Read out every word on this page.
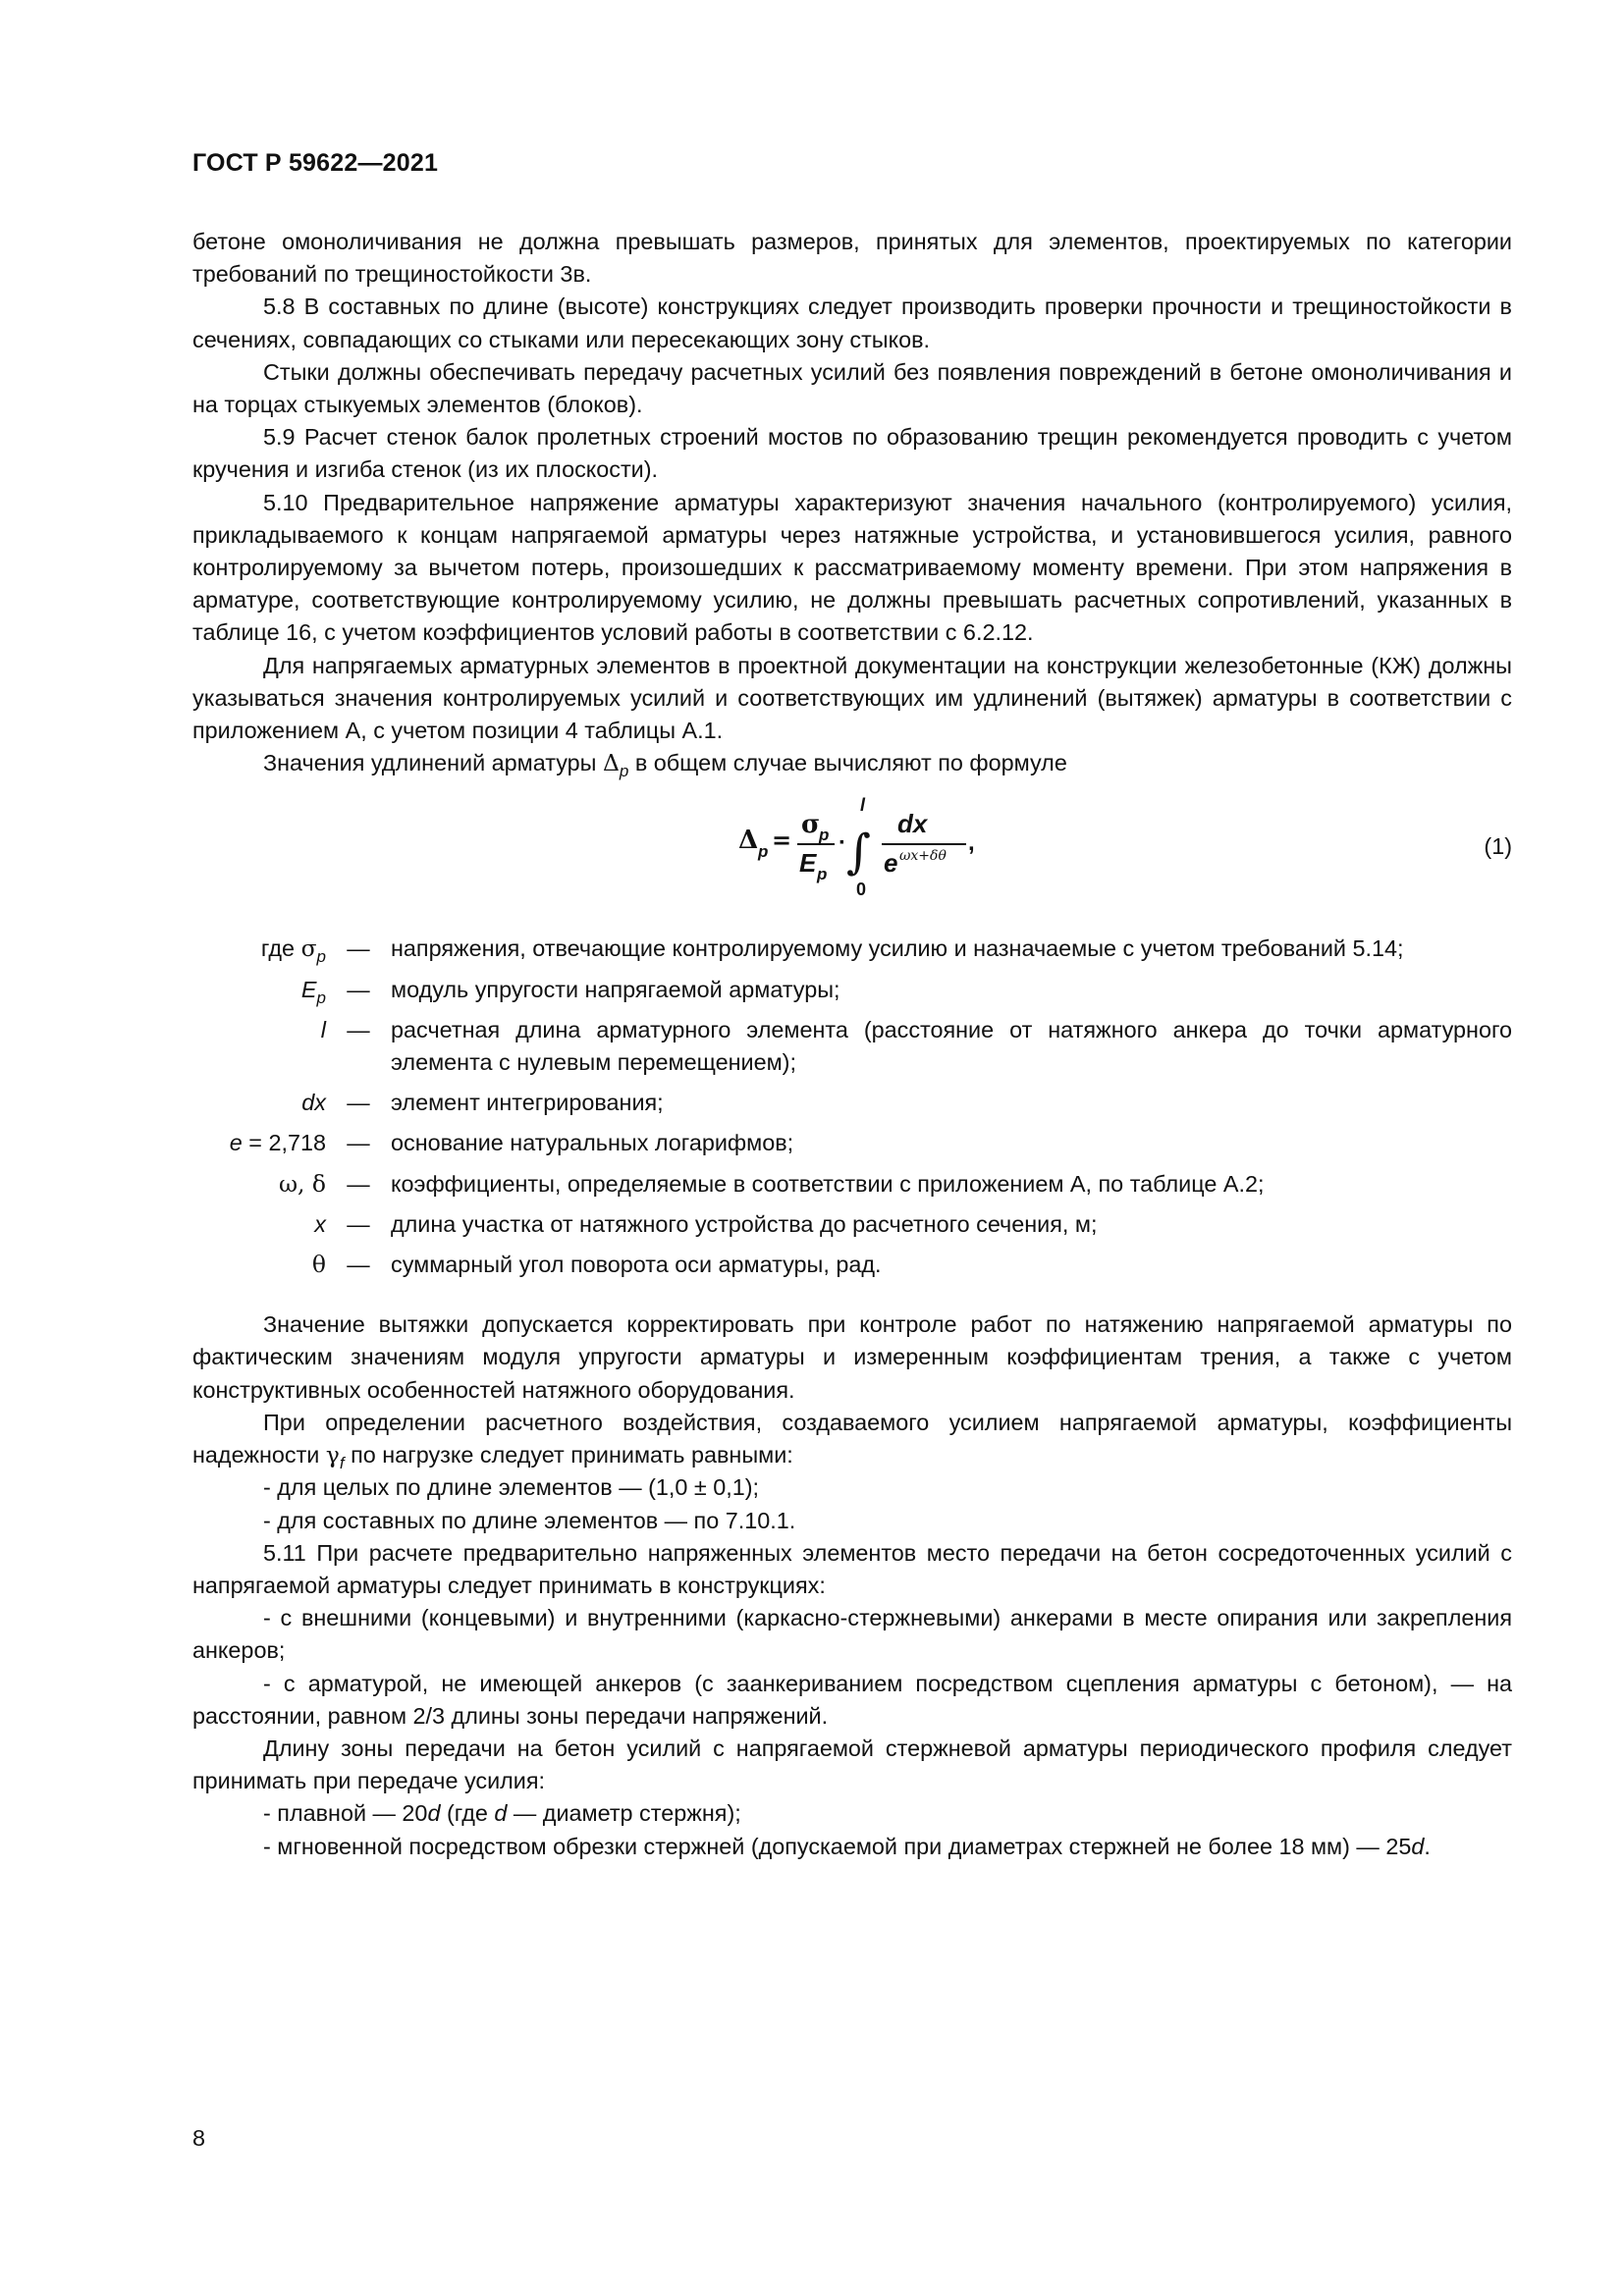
ГОСТ Р 59622—2021

бетоне омоноличивания не должна превышать размеров, принятых для элементов, проектируемых по категории требований по трещиностойкости 3в.

5.8 В составных по длине (высоте) конструкциях следует производить проверки прочности и трещиностойкости в сечениях, совпадающих со стыками или пересекающих зону стыков.

Стыки должны обеспечивать передачу расчетных усилий без появления повреждений в бетоне омоноличивания и на торцах стыкуемых элементов (блоков).

5.9 Расчет стенок балок пролетных строений мостов по образованию трещин рекомендуется проводить с учетом кручения и изгиба стенок (из их плоскости).

5.10 Предварительное напряжение арматуры характеризуют значения начального (контролируемого) усилия, прикладываемого к концам напрягаемой арматуры через натяжные устройства, и установившегося усилия, равного контролируемому за вычетом потерь, произошедших к рассматриваемому моменту времени. При этом напряжения в арматуре, соответствующие контролируемому усилию, не должны превышать расчетных сопротивлений, указанных в таблице 16, с учетом коэффициентов условий работы в соответствии с 6.2.12.

Для напрягаемых арматурных элементов в проектной документации на конструкции железобетонные (КЖ) должны указываться значения контролируемых усилий и соответствующих им удлинений (вытяжек) арматуры в соответствии с приложением А, с учетом позиции 4 таблицы А.1.

Значения удлинений арматуры $\Delta_p$ в общем случае вычисляют по формуле

Δ p =
σ
p
E p
· ∫
l
0
dx
e ωx+δθ ,	(1)
где $\sigma_p$ — напряжения, отвечающие контролируемому усилию и назначаемые с учетом требований 5.14;
$E_p$ — модуль упругости напрягаемой арматуры;
l — расчетная длина арматурного элемента (расстояние от натяжного анкера до точки арматурного элемента с нулевым перемещением);
dx — элемент интегрирования;
e = 2,718 — основание натуральных логарифмов;
ω, δ — коэффициенты, определяемые в соответствии с приложением А, по таблице А.2;
x — длина участка от натяжного устройства до расчетного сечения, м;
θ — суммарный угол поворота оси арматуры, рад.

Значение вытяжки допускается корректировать при контроле работ по натяжению напрягаемой арматуры по фактическим значениям модуля упругости арматуры и измеренным коэффициентам трения, а также с учетом конструктивных особенностей натяжного оборудования.

При определении расчетного воздействия, создаваемого усилием напрягаемой арматуры, коэффициенты надежности $\gamma_f$ по нагрузке следует принимать равными:

- для целых по длине элементов — (1,0 ± 0,1);

- для составных по длине элементов — по 7.10.1.

5.11 При расчете предварительно напряженных элементов место передачи на бетон сосредоточенных усилий с напрягаемой арматуры следует принимать в конструкциях:

- с внешними (концевыми) и внутренними (каркасно-стержневыми) анкерами в месте опирания или закрепления анкеров;

- с арматурой, не имеющей анкеров (с заанкериванием посредством сцепления арматуры с бетоном), — на расстоянии, равном 2/3 длины зоны передачи напряжений.

Длину зоны передачи на бетон усилий с напрягаемой стержневой арматуры периодического профиля следует принимать при передаче усилия:

- плавной — 20d (где d — диаметр стержня);

- мгновенной посредством обрезки стержней (допускаемой при диаметрах стержней не более 18 мм) — 25d.

8
